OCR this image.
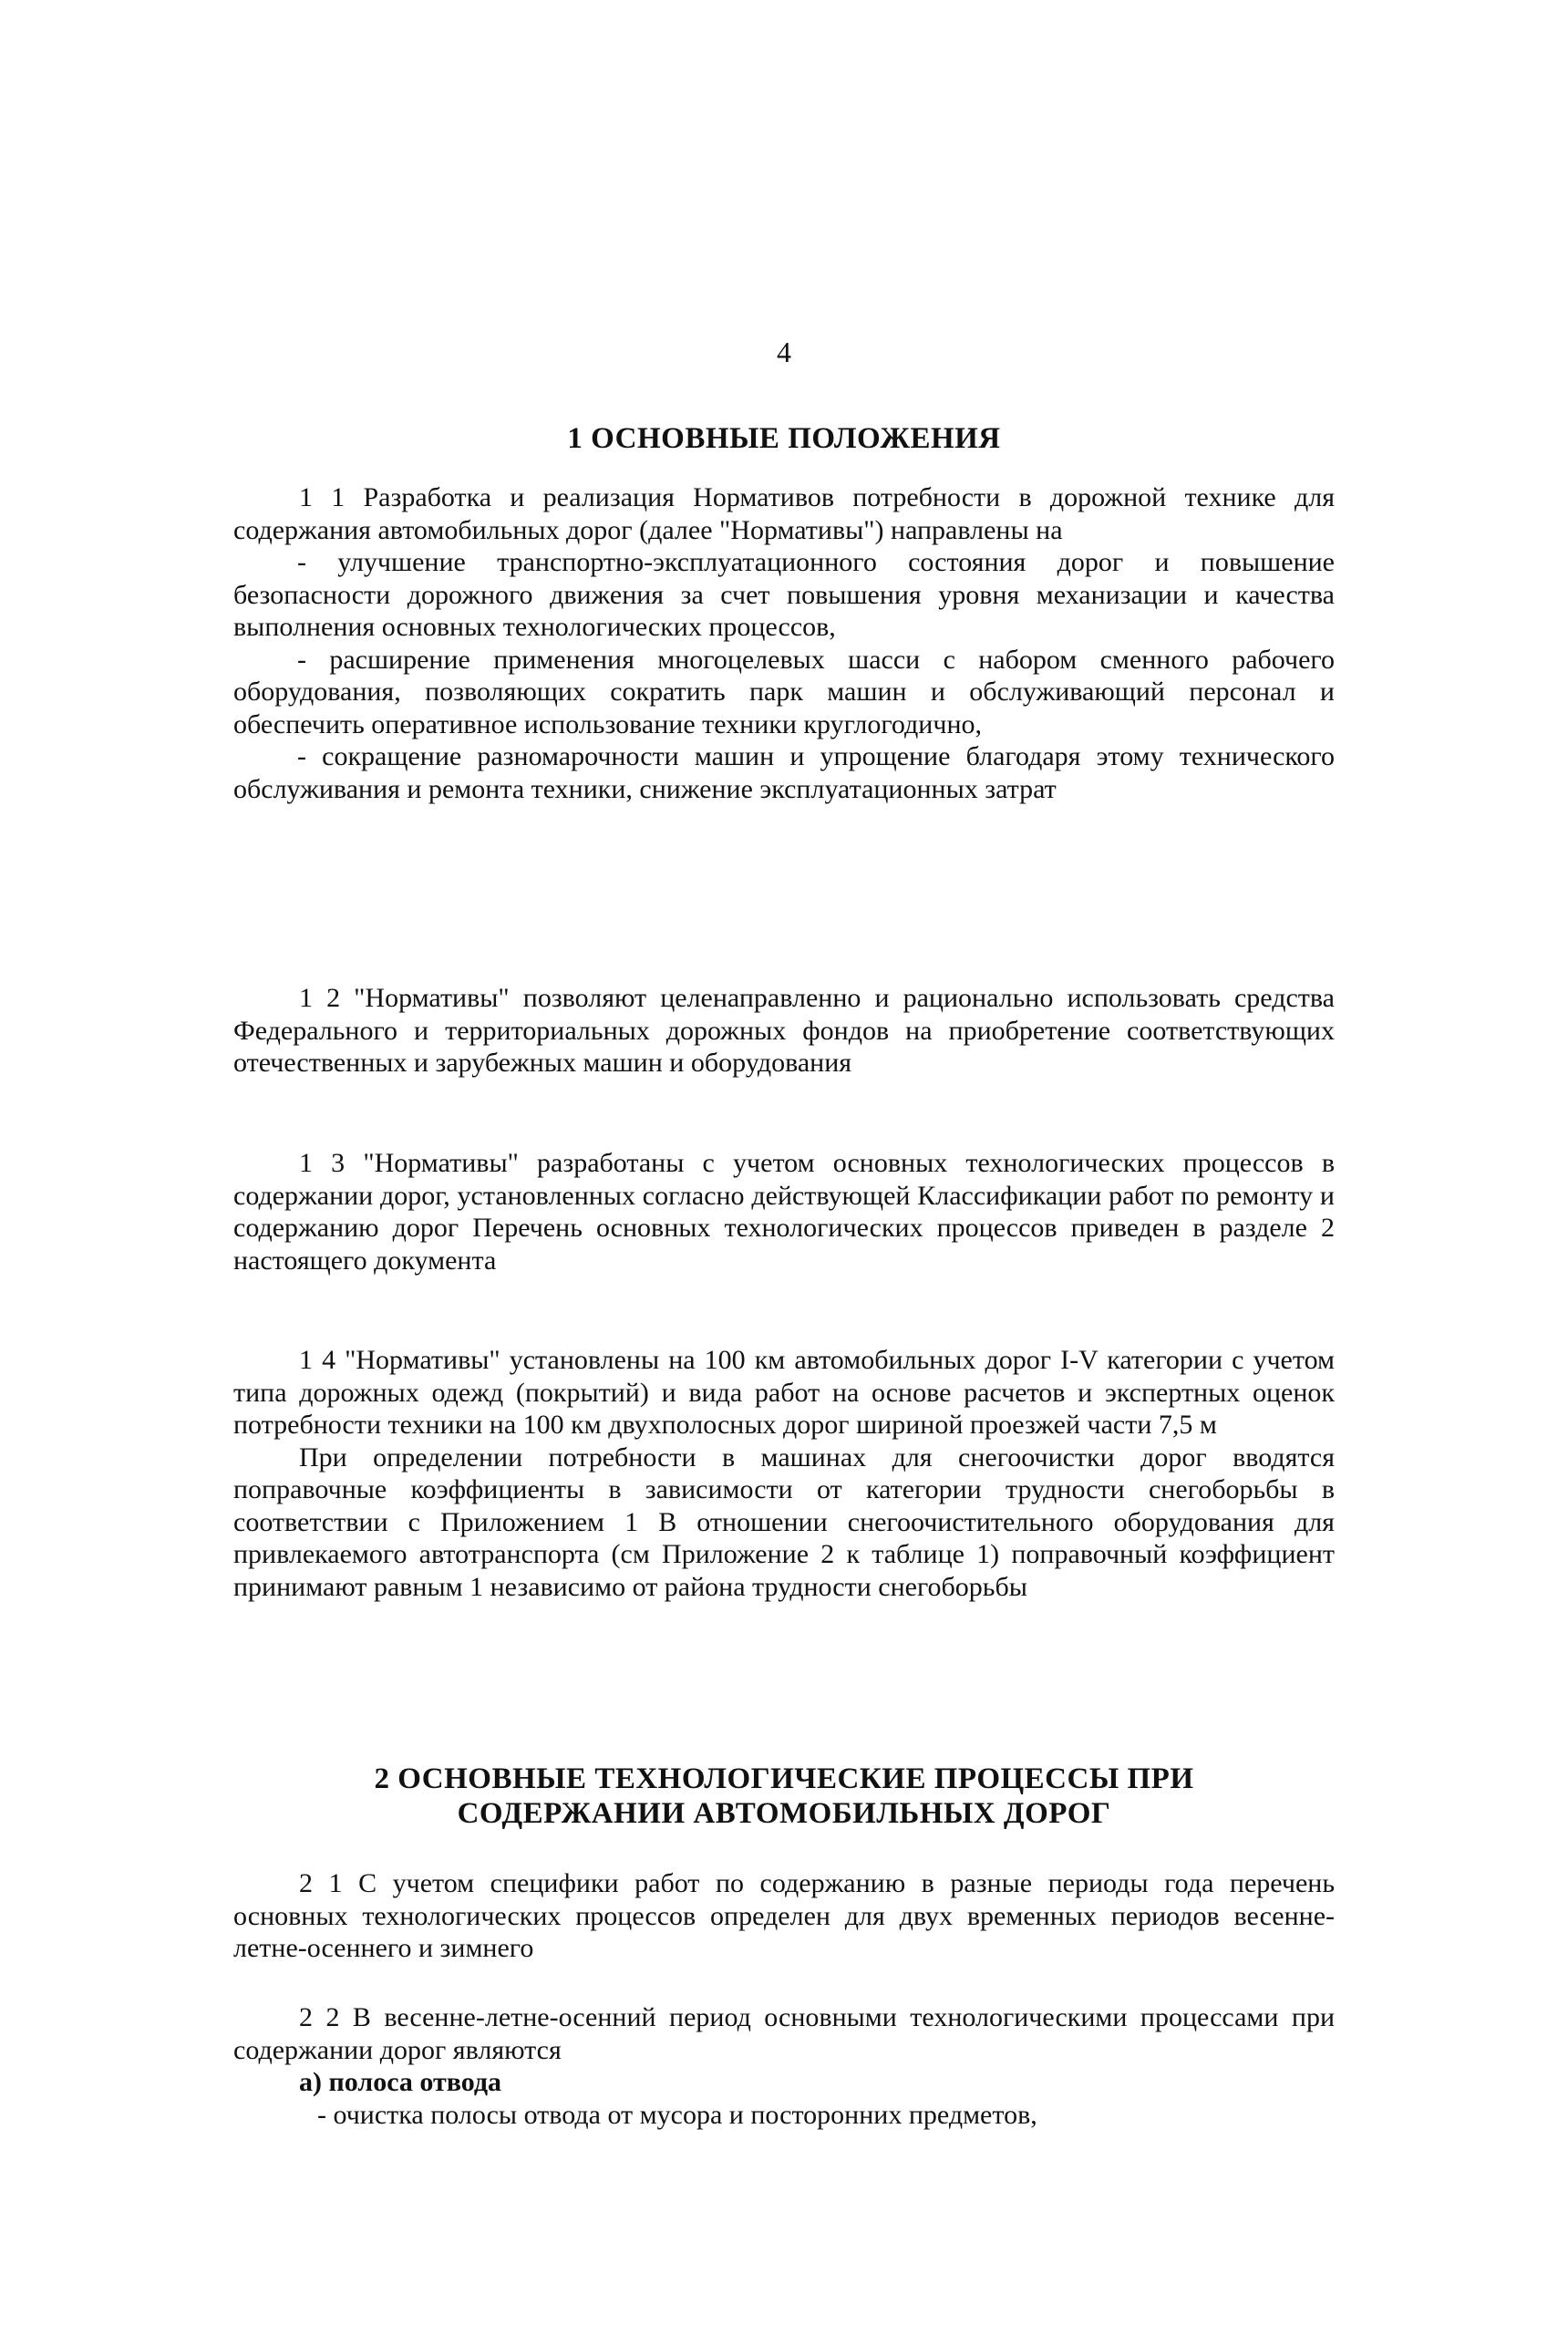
4
1 ОСНОВНЫЕ ПОЛОЖЕНИЯ

1 1 Разработка и реализация Нормативов потребности в дорожной технике для содержания автомобильных дорог (далее "Нормативы") направлены на

- улучшение транспортно-эксплуатационного состояния дорог и повышение безопасности дорожного движения за счет повышения уровня механизации и качества выполнения основных технологических процессов,

- расширение применения многоцелевых шасси с набором сменного рабочего оборудования, позволяющих сократить парк машин и обслуживающий персонал и обеспечить оперативное использование техники круглогодично,

- сокращение разномарочности машин и упрощение благодаря этому технического обслуживания и ремонта техники, снижение эксплуатационных затрат

1 2 "Нормативы" позволяют целенаправленно и рационально использовать средства Федерального и территориальных дорожных фондов на приобретение соответствующих отечественных и зарубежных машин и оборудования

1 3 "Нормативы" разработаны с учетом основных технологических процессов в содержании дорог, установленных согласно действующей Классификации работ по ремонту и содержанию дорог Перечень основных технологических процессов приведен в разделе 2 настоящего документа

1 4 "Нормативы" установлены на 100 км автомобильных дорог I-V категории с учетом типа дорожных одежд (покрытий) и вида работ на основе расчетов и экспертных оценок потребности техники на 100 км двухполосных дорог шириной проезжей части 7,5 м

При определении потребности в машинах для снегоочистки дорог вводятся поправочные коэффициенты в зависимости от категории трудности снегоборьбы в соответствии с Приложением 1 В отношении снегоочистительного оборудования для привлекаемого автотранспорта (см Приложение 2 к таблице 1) поправочный коэффициент принимают равным 1 независимо от района трудности снегоборьбы

2 ОСНОВНЫЕ ТЕХНОЛОГИЧЕСКИЕ ПРОЦЕССЫ ПРИ
СОДЕРЖАНИИ АВТОМОБИЛЬНЫХ ДОРОГ

2 1 С учетом специфики работ по содержанию в разные периоды года перечень основных технологических процессов определен для двух временных периодов весенне-летне-осеннего и зимнего

2 2 В весенне-летне-осенний период основными технологическими процессами при содержании дорог являются

а) полоса отвода

- очистка полосы отвода от мусора и посторонних предметов,
